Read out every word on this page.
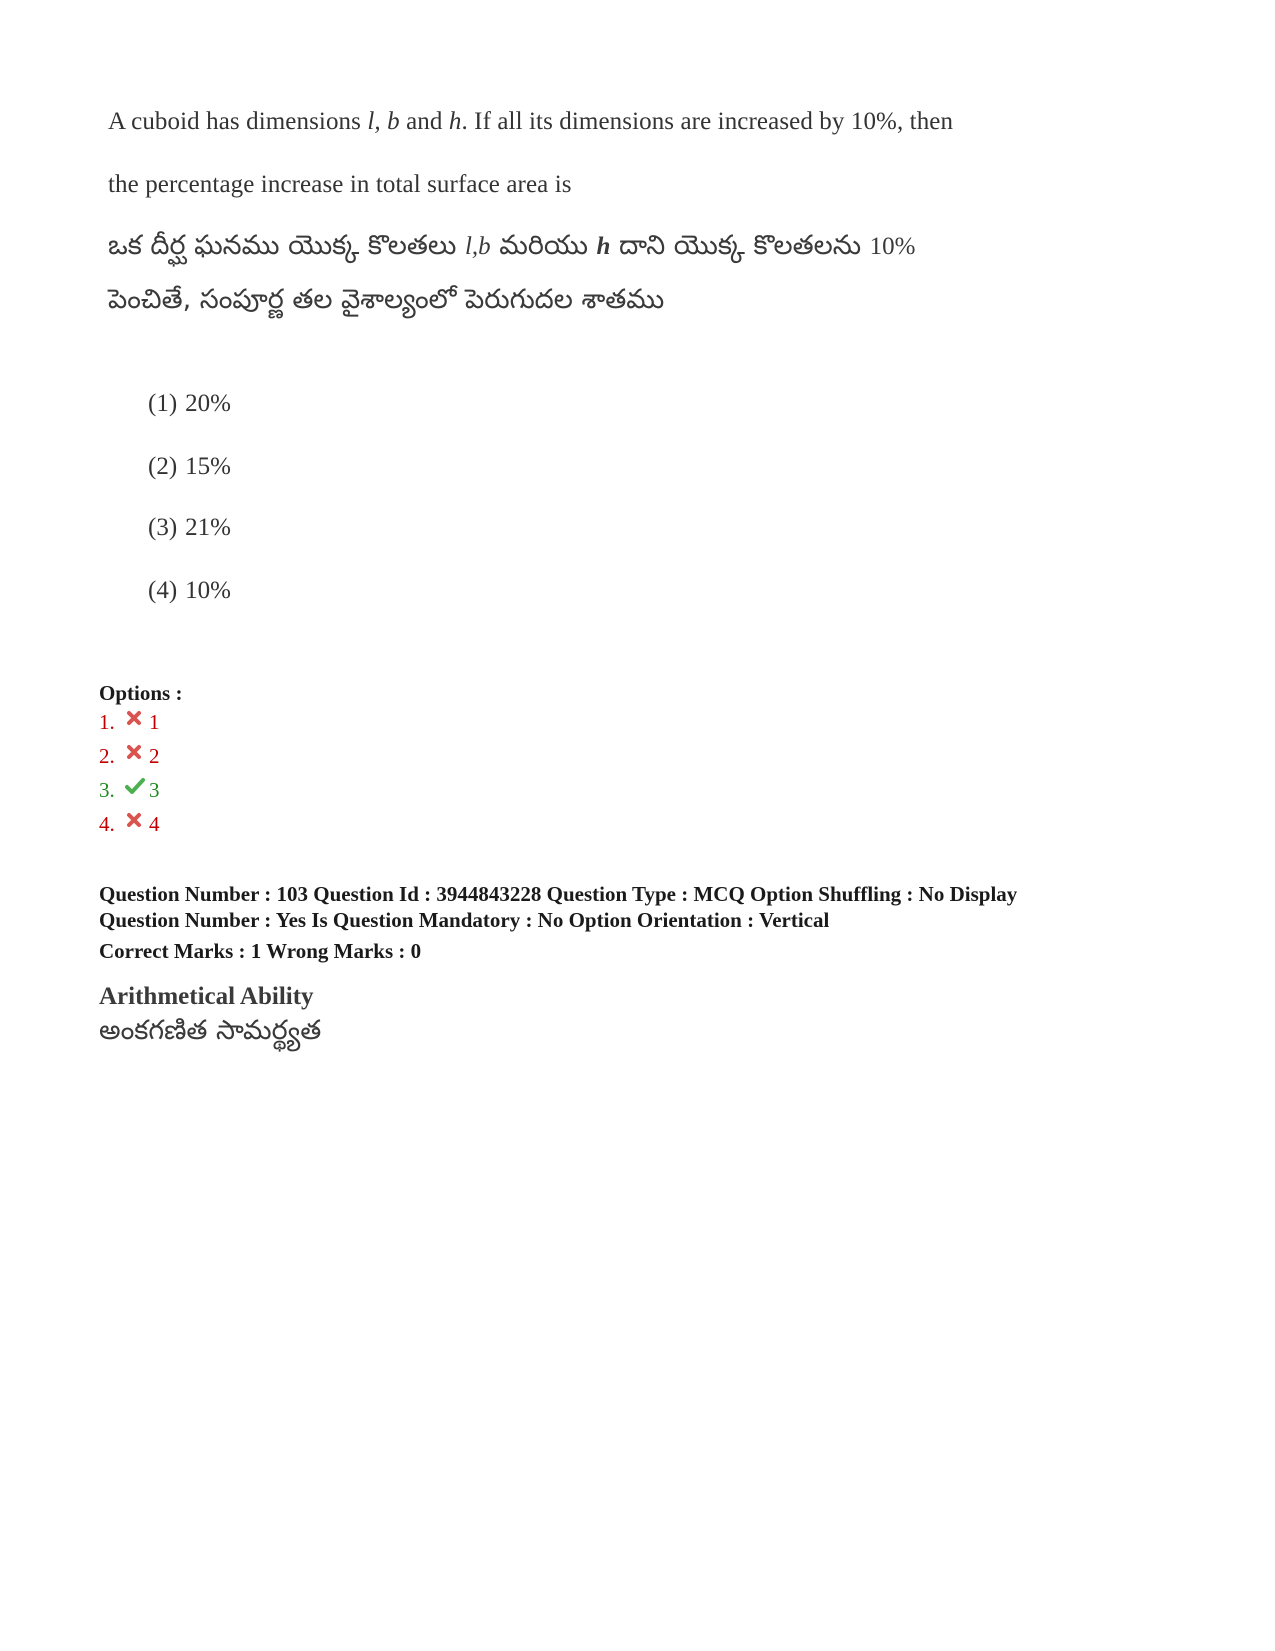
A cuboid has dimensions l, b and h. If all its dimensions are increased by 10%, then
the percentage increase in total surface area is
ఒక దీర్ఘ ఘనము యొక్క కొలతలు l,b మరియు h దాని యొక్క కొలతలను 10%
పెంచితే, సంపూర్ణ తల వైశాల్యంలో పెరుగుదల శాతము
(1) 20%
(2) 15%
(3) 21%
(4) 10%
Options :
1.	1
2.	2
3.	3
4.	4
Question Number : 103 Question Id : 3944843228 Question Type : MCQ Option Shuffling : No Display
Question Number : Yes Is Question Mandatory : No Option Orientation : Vertical
Correct Marks : 1 Wrong Marks : 0
Arithmetical Ability
అంకగణిత సామర్థ్యత
